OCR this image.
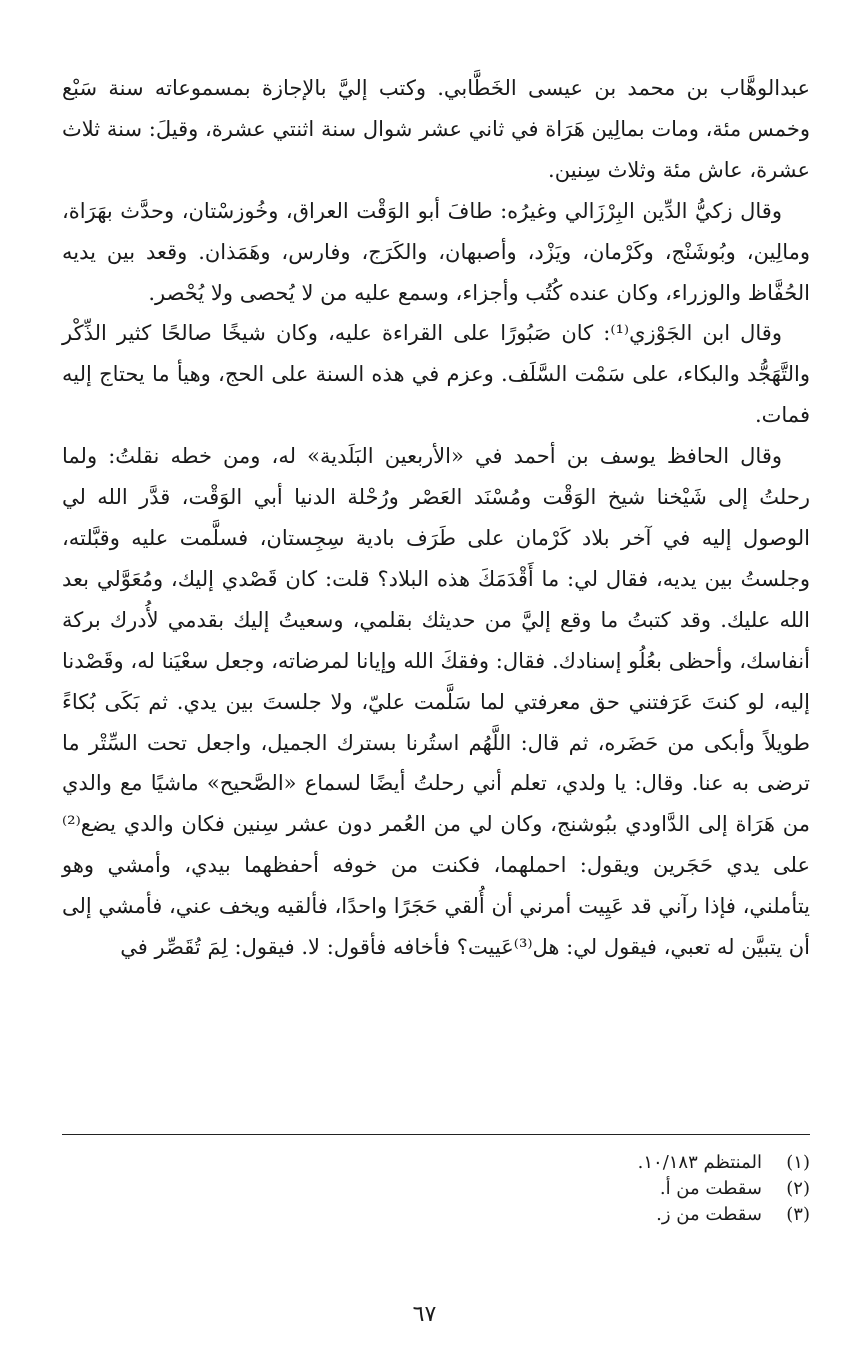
عبدالوهَّاب بن محمد بن عيسى الخَطَّابي. وكتب إليَّ بالإجازة بمسموعاته سنة سَبْع وخمس مئة، ومات بمالِين هَرَاة في ثاني عشر شوال سنة اثنتي عشرة، وقيلَ: سنة ثلاث عشرة، عاش مئة وثلاث سِنين.

وقال زكيُّ الدِّين البِرْزَالي وغيرُه: طافَ أبو الوَقْت العراق، وخُوزسْتان، وحدَّث بهَرَاة، ومالِين، وبُوشَنْج، وكَرْمان، ويَزْد، وأصبهان، والكَرَج، وفارس، وهَمَذان. وقعد بين يديه الحُفَّاظ والوزراء، وكان عنده كُتُب وأجزاء، وسمع عليه من لا يُحصى ولا يُحْصر.

وقال ابن الجَوْزي⁽¹⁾: كان صَبُورًا على القراءة عليه، وكان شيخًا صالحًا كثير الذِّكْر والتَّهَجُّد والبكاء، على سَمْت السَّلَف. وعزم في هذه السنة على الحج، وهيأ ما يحتاج إليه فمات.

وقال الحافظ يوسف بن أحمد في «الأربعين البَلَدية» له، ومن خطه نقلتُ: ولما رحلتُ إلى شَيْخنا شيخ الوَقْت ومُسْنَد العَصْر ورُحْلة الدنيا أبي الوَقْت، قدَّر الله لي الوصول إليه في آخر بلاد كَرْمان على طَرَف بادية سِجِستان، فسلَّمت عليه وقبَّلته، وجلستُ بين يديه، فقال لي: ما أَقْدَمَكَ هذه البلاد؟ قلت: كان قَصْدي إليك، ومُعَوَّلي بعد الله عليك. وقد كتبتُ ما وقع إليَّ من حديثك بقلمي، وسعيتُ إليك بقدمي لأُدرك بركة أنفاسك، وأحظى بعُلُو إسنادك. فقال: وفقكَ الله وإيانا لمرضاته، وجعل سعْيَنا له، وقَصْدنا إليه، لو كنتَ عَرَفتني حق معرفتي لما سَلَّمت عليّ، ولا جلستَ بين يدي. ثم بَكَى بُكاءً طويلاً وأبكى من حَضَره، ثم قال: اللَّهُم استُرنا بسترك الجميل، واجعل تحت السِّتْر ما ترضى به عنا. وقال: يا ولدي، تعلم أني رحلتُ أيضًا لسماع «الصَّحيح» ماشيًا مع والدي من هَرَاة إلى الدَّاودي ببُوشنج، وكان لي من العُمر دون عشر سِنين فكان والدي يضع⁽²⁾ على يدي حَجَرين ويقول: احملهما، فكنت من خوفه أحفظهما بيدي، وأمشي وهو يتأملني، فإذا رآني قد عَيِيت أمرني أن أُلقي حَجَرًا واحدًا، فألقيه ويخف عني، فأمشي إلى أن يتبيَّن له تعبي، فيقول لي: هل⁽³⁾عَييت؟ فأخافه فأقول: لا. فيقول: لِمَ تُقَصِّر في

(١)
المنتظم ١٠/١٨٣.
(٢)
سقطت من أ.
(٣)
سقطت من ز.
٦٧
